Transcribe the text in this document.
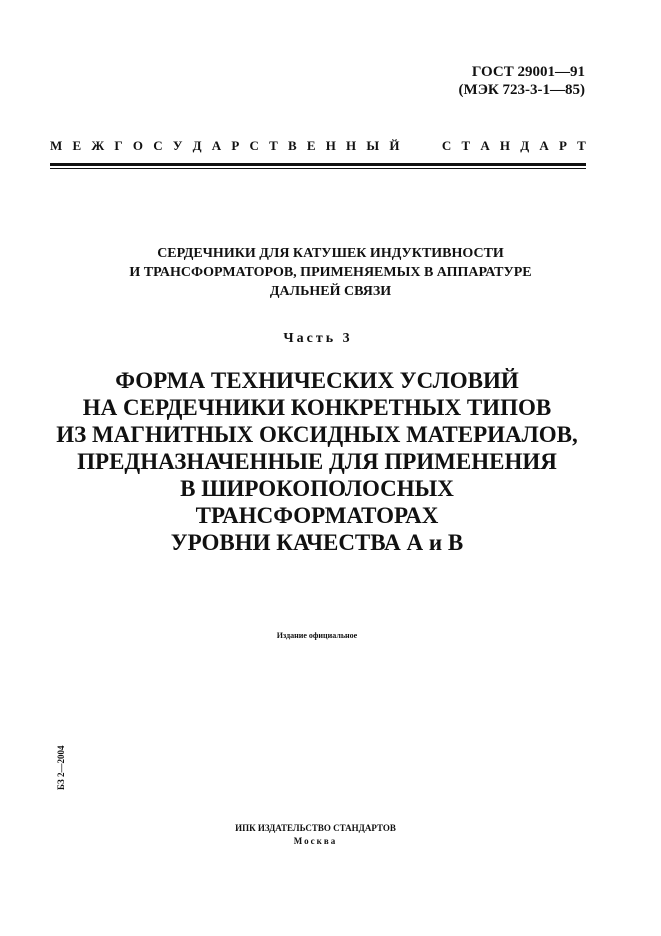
ГОСТ 29001—91
(МЭК 723-3-1—85)
М Е Ж Г О С У Д А Р С Т В Е Н Н Ы Й	С Т А Н Д А Р Т
СЕРДЕЧНИКИ ДЛЯ КАТУШЕК ИНДУКТИВНОСТИ
И ТРАНСФОРМАТОРОВ, ПРИМЕНЯЕМЫХ В АППАРАТУРЕ
ДАЛЬНЕЙ СВЯЗИ
Часть 3
ФОРМА ТЕХНИЧЕСКИХ УСЛОВИЙ
НА СЕРДЕЧНИКИ КОНКРЕТНЫХ ТИПОВ
ИЗ МАГНИТНЫХ ОКСИДНЫХ МАТЕРИАЛОВ,
ПРЕДНАЗНАЧЕННЫЕ ДЛЯ ПРИМЕНЕНИЯ
В ШИРОКОПОЛОСНЫХ
ТРАНСФОРМАТОРАХ
УРОВНИ КАЧЕСТВА А и В
Издание официальное
БЗ 2—2004
ИПК ИЗДАТЕЛЬСТВО СТАНДАРТОВ
Москва
